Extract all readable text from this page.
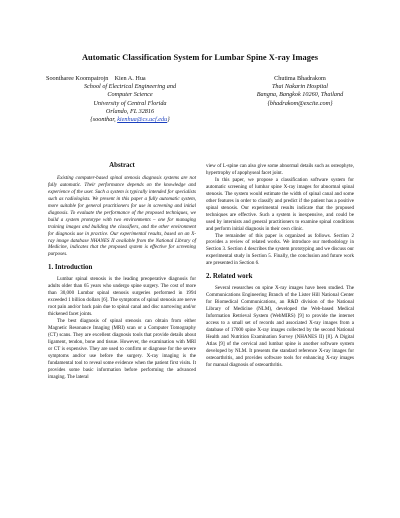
Automatic Classification System for Lumbar Spine X-ray Images
Soontharee Koompairojn    Kien A. Hua
School of Electrical Engineering and
Computer Science
University of Central Florida
Orlando, FL 32816
{soonthar, kienhua@cs.ucf.edu}
Chutima Bhadrakom
Thai Nakarin Hospital
Bangna, Bangkok 10260, Thailand
{bhadrakom@excite.com}
Abstract

Existing computer-based spinal stenosis diagnosis systems are not fully automatic. Their performance depends on the knowledge and experience of the user. Such a system is typically intended for specialists such as radiologists. We present in this paper a fully automatic system, more suitable for general practitioners for use in screening and initial diagnosis. To evaluate the performance of the proposed techniques, we build a system prototype with two environments – one for managing training images and building the classifiers, and the other environment for diagnosis use in practice. Our experimental results, based on an X-ray image database NHANES II available from the National Library of Medicine, indicates that the proposed system is effective for screening purposes.

1. Introduction

Lumbar spinal stenosis is the leading preoperative diagnosis for adults older than 65 years who undergo spine surgery. The cost of more than 30,000 Lumbar spinal stenosis surgeries performed in 1994 exceeded 1 billion dollars [6]. The symptoms of spinal stenosis are nerve root pain and/or back pain due to spinal canal and disc narrowing and/or thickened facet joints.

The best diagnosis of spinal stenosis can obtain from either Magnetic Resonance Imaging (MRI) scan or a Computer Tomography (CT) scans. They are excellent diagnosis tools that provide details about ligament, tendon, bone and tissue. However, the examination with MRI or CT is expensive. They are used to confirm or diagnose for the severe symptoms and/or use before the surgery. X-ray imaging is the fundamental tool to reveal some evidence when the patient first visits. It provides some basic information before performing the advanced imaging. The lateral

view of L-spine can also give some abnormal details such as osteophyte, hypertrophy of apophyseal facet joint.

In this paper, we propose a classification software system for automatic screening of lumbar spine X-ray images for abnormal spinal stenosis. The system would estimate the width of spinal canal and some other features in order to classify and predict if the patient has a positive spinal stenosis. Our experimental results indicate that the proposed techniques are effective. Such a system is inexpensive, and could be used by internists and general practitioners to examine spinal conditions and perform initial diagnosis in their own clinic.

The remainder of this paper is organized as follows. Section 2 provides a review of related works. We introduce our methodology in Section 3. Section 4 describes the system prototyping and we discuss our experimental study in Section 5. Finally, the conclusion and future work are presented in Section 6.

2. Related work

Several researches on spine X-ray images have been studied. The Communications Engineering Branch of the Lister Hill National Center for Biomedical Communications, an R&D division of the National Library of Medicine (NLM), developed the Web-based Medical Information Retrieval System (WebMIRS) [9] to provide the internet access to a small set of records and associated X-ray images from a database of 17000 spine X-ray images collected by the second National Health and Nutrition Examination Survey (NHANES II) [8]. A Digital Atlas [9] of the cervical and lumbar spine is another software system developed by NLM. It presents the standard reference X-ray images for osteoarthritis, and provides software tools for enhancing X-ray images for manual diagnosis of osteoarthritis.
